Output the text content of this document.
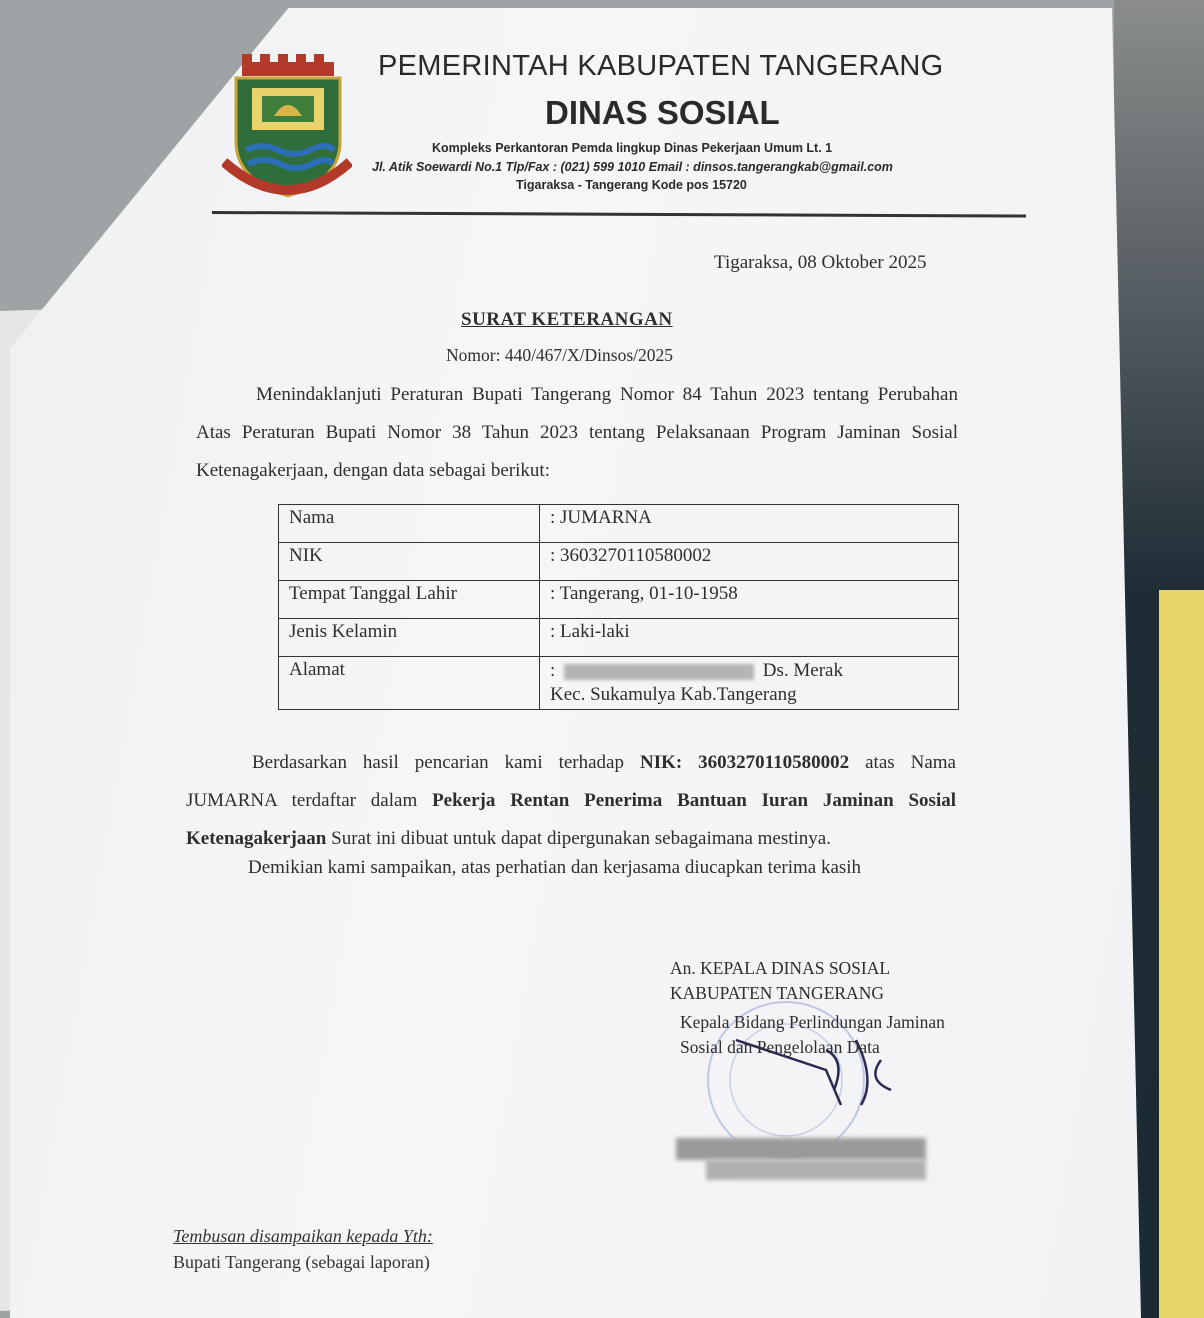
PEMERINTAH KABUPATEN TANGERANG
DINAS SOSIAL
Kompleks Perkantoran Pemda lingkup Dinas Pekerjaan Umum Lt. 1
Jl. Atik Soewardi No.1 Tlp/Fax : (021) 599 1010 Email : dinsos.tangerangkab@gmail.com
Tigaraksa - Tangerang Kode pos 15720
Tigaraksa, 08 Oktober 2025
SURAT KETERANGAN
Nomor: 440/467/X/Dinsos/2025
Menindaklanjuti Peraturan Bupati Tangerang Nomor 84 Tahun 2023 tentang Perubahan Atas Peraturan Bupati Nomor 38 Tahun 2023 tentang Pelaksanaan Program Jaminan Sosial Ketenagakerjaan, dengan data sebagai berikut:
Nama	: JUMARNA
NIK	: 3603270110580002
Tempat Tanggal Lahir	: Tangerang, 01-10-1958
Jenis Kelamin	: Laki-laki
Alamat	: Ds. Merak
Kec. Sukamulya Kab.Tangerang
Berdasarkan hasil pencarian kami terhadap NIK: 3603270110580002 atas Nama JUMARNA terdaftar dalam Pekerja Rentan Penerima Bantuan Iuran Jaminan Sosial Ketenagakerjaan Surat ini dibuat untuk dapat dipergunakan sebagaimana mestinya.
Demikian kami sampaikan, atas perhatian dan kerjasama diucapkan terima kasih
An. KEPALA DINAS SOSIAL
KABUPATEN TANGERANG
Kepala Bidang Perlindungan Jaminan
Sosial dan Pengelolaan Data
Tembusan disampaikan kepada Yth:
Bupati Tangerang (sebagai laporan)
